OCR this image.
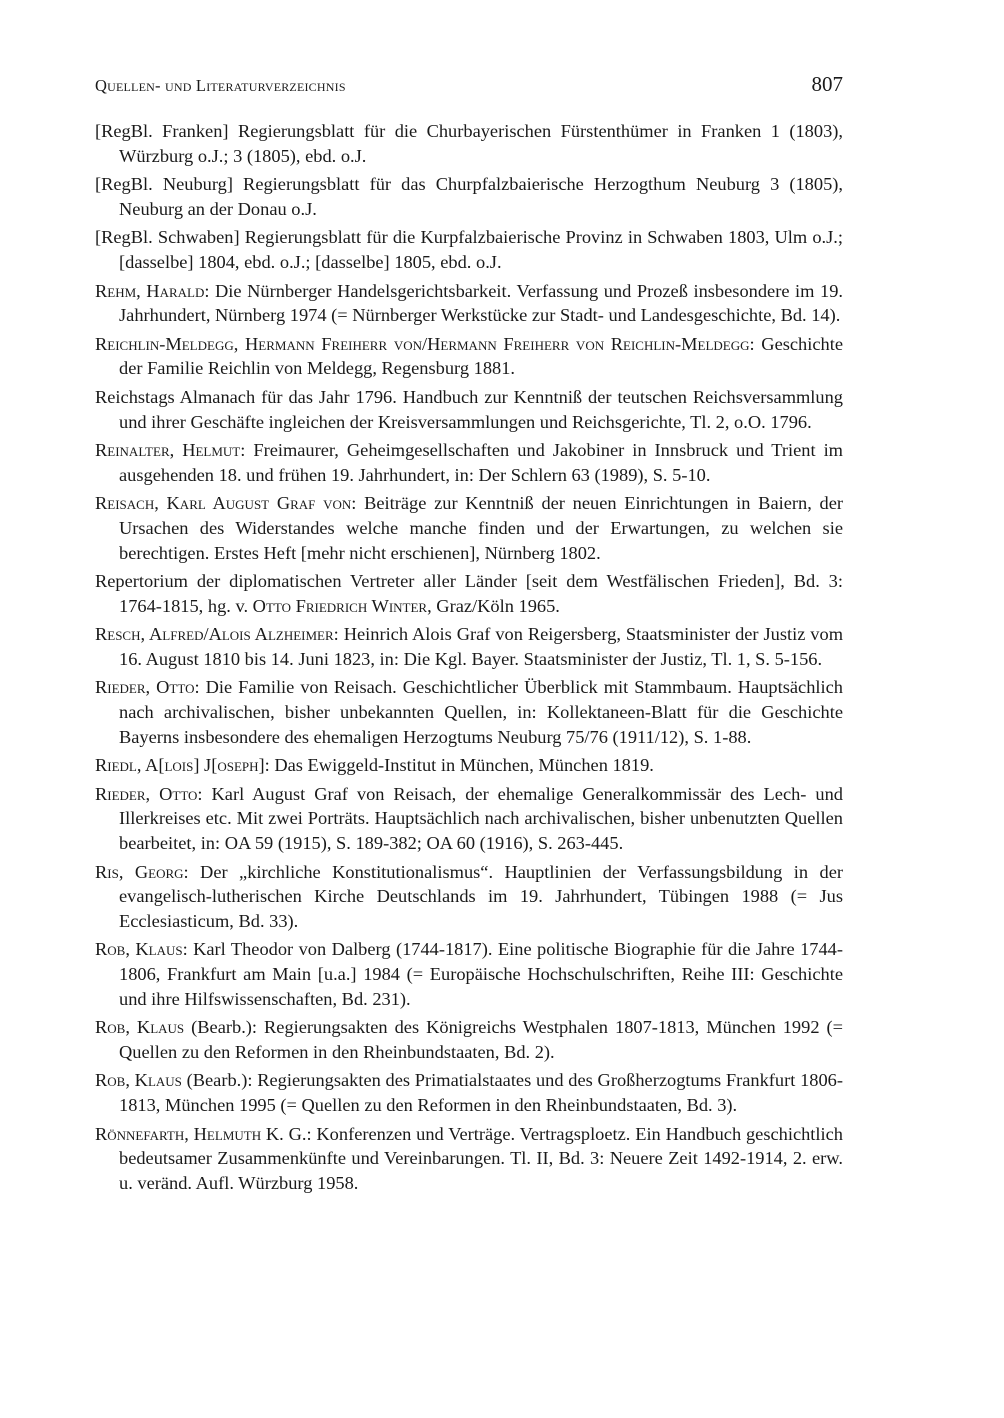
Quellen- und Literaturverzeichnis	807

[RegBl. Franken] Regierungsblatt für die Churbayerischen Fürstenthümer in Franken 1 (1803), Würzburg o.J.; 3 (1805), ebd. o.J.

[RegBl. Neuburg] Regierungsblatt für das Churpfalzbaierische Herzogthum Neuburg 3 (1805), Neuburg an der Donau o.J.

[RegBl. Schwaben] Regierungsblatt für die Kurpfalzbaierische Provinz in Schwaben 1803, Ulm o.J.; [dasselbe] 1804, ebd. o.J.; [dasselbe] 1805, ebd. o.J.

Rehm, Harald: Die Nürnberger Handelsgerichtsbarkeit. Verfassung und Prozeß insbesondere im 19. Jahrhundert, Nürnberg 1974 (= Nürnberger Werkstücke zur Stadt- und Landesgeschichte, Bd. 14).

Reichlin-Meldegg, Hermann Freiherr von/Hermann Freiherr von Reichlin-Meldegg: Geschichte der Familie Reichlin von Meldegg, Regensburg 1881.

Reichstags Almanach für das Jahr 1796. Handbuch zur Kenntniß der teutschen Reichsversammlung und ihrer Geschäfte ingleichen der Kreisversammlungen und Reichsgerichte, Tl. 2, o.O. 1796.

Reinalter, Helmut: Freimaurer, Geheimgesellschaften und Jakobiner in Innsbruck und Trient im ausgehenden 18. und frühen 19. Jahrhundert, in: Der Schlern 63 (1989), S. 5-10.

Reisach, Karl August Graf von: Beiträge zur Kenntniß der neuen Einrichtungen in Baiern, der Ursachen des Widerstandes welche manche finden und der Erwartungen, zu welchen sie berechtigen. Erstes Heft [mehr nicht erschienen], Nürnberg 1802.

Repertorium der diplomatischen Vertreter aller Länder [seit dem Westfälischen Frieden], Bd. 3: 1764-1815, hg. v. Otto Friedrich Winter, Graz/Köln 1965.

Resch, Alfred/Alois Alzheimer: Heinrich Alois Graf von Reigersberg, Staatsminister der Justiz vom 16. August 1810 bis 14. Juni 1823, in: Die Kgl. Bayer. Staatsminister der Justiz, Tl. 1, S. 5-156.

Rieder, Otto: Die Familie von Reisach. Geschichtlicher Überblick mit Stammbaum. Hauptsächlich nach archivalischen, bisher unbekannten Quellen, in: Kollektaneen-Blatt für die Geschichte Bayerns insbesondere des ehemaligen Herzogtums Neuburg 75/76 (1911/12), S. 1-88.

Riedl, A[lois] J[oseph]: Das Ewiggeld-Institut in München, München 1819.

Rieder, Otto: Karl August Graf von Reisach, der ehemalige Generalkommissär des Lech- und Illerkreises etc. Mit zwei Porträts. Hauptsächlich nach archivalischen, bisher unbenutzten Quellen bearbeitet, in: OA 59 (1915), S. 189-382; OA 60 (1916), S. 263-445.

Ris, Georg: Der „kirchliche Konstitutionalismus“. Hauptlinien der Verfassungsbildung in der evangelisch-lutherischen Kirche Deutschlands im 19. Jahrhundert, Tübingen 1988 (= Jus Ecclesiasticum, Bd. 33).

Rob, Klaus: Karl Theodor von Dalberg (1744-1817). Eine politische Biographie für die Jahre 1744-1806, Frankfurt am Main [u.a.] 1984 (= Europäische Hochschulschriften, Reihe III: Geschichte und ihre Hilfswissenschaften, Bd. 231).

Rob, Klaus (Bearb.): Regierungsakten des Königreichs Westphalen 1807-1813, München 1992 (= Quellen zu den Reformen in den Rheinbundstaaten, Bd. 2).

Rob, Klaus (Bearb.): Regierungsakten des Primatialstaates und des Großherzogtums Frankfurt 1806-1813, München 1995 (= Quellen zu den Reformen in den Rheinbundstaaten, Bd. 3).

Rönnefarth, Helmuth K. G.: Konferenzen und Verträge. Vertragsploetz. Ein Handbuch geschichtlich bedeutsamer Zusammenkünfte und Vereinbarungen. Tl. II, Bd. 3: Neuere Zeit 1492-1914, 2. erw. u. veränd. Aufl. Würzburg 1958.
